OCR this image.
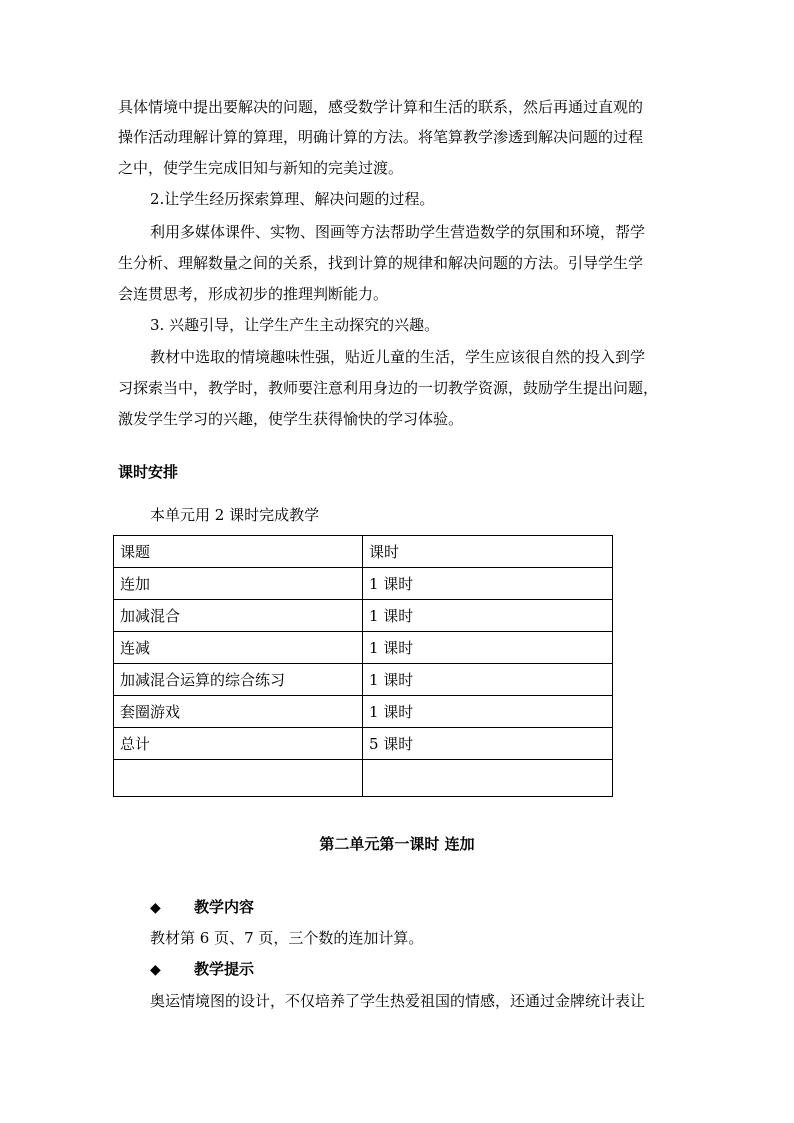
具体情境中提出要解决的问题，感受数学计算和生活的联系，然后再通过直观的
操作活动理解计算的算理，明确计算的方法。将笔算教学渗透到解决问题的过程
之中，使学生完成旧知与新知的完美过渡。
2.让学生经历探索算理、解决问题的过程。
利用多媒体课件、实物、图画等方法帮助学生营造数学的氛围和环境，帮学
生分析、理解数量之间的关系，找到计算的规律和解决问题的方法。引导学生学
会连贯思考，形成初步的推理判断能力。
3. 兴趣引导，让学生产生主动探究的兴趣。
教材中选取的情境趣味性强，贴近儿童的生活，学生应该很自然的投入到学
习探索当中，教学时，教师要注意利用身边的一切教学资源，鼓励学生提出问题，
激发学生学习的兴趣，使学生获得愉快的学习体验。
课时安排
本单元用 2 课时完成教学
课题	课时
连加	1 课时
加减混合	1 课时
连减	1 课时
加减混合运算的综合练习	1 课时
套圈游戏	1 课时
总计	5 课时

第二单元第一课时 连加
◆ 教学内容
教材第 6 页、7 页，三个数的连加计算。
◆ 教学提示
奥运情境图的设计，不仅培养了学生热爱祖国的情感，还通过金牌统计表让
